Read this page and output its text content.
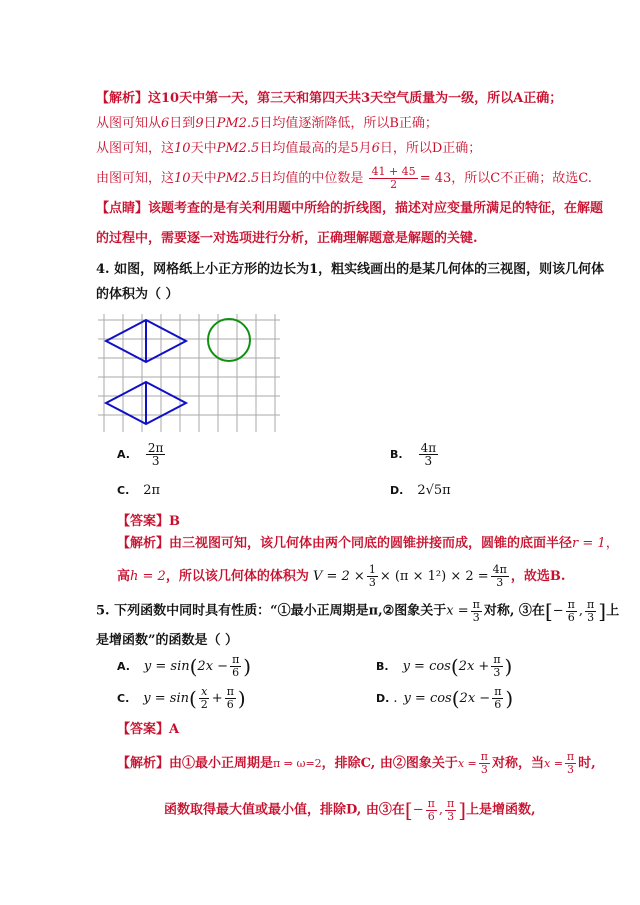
【解析】这10天中第一天，第三天和第四天共3天空气质量为一级，所以A正确；
从图可知从6日到9日PM2.5日均值逐渐降低，所以B正确；
从图可知，这10天中PM2.5日均值最高的是5月6日，所以D正确；
由图可知，这10天中PM2.5日均值的中位数是 $\frac{41 + 45}{2} = 43$，所以C不正确；故选C.
【点睛】该题考查的是有关利用题中所给的折线图，描述对应变量所满足的特征，在解题
的过程中，需要逐一对选项进行分析，正确理解题意是解题的关键.
4. 如图，网格纸上小正方形的边长为1，粗实线画出的是某几何体的三视图，则该几何体
的体积为（ ）
A. $\frac{2\pi}{3}$	B. $\frac{4\pi}{3}$
C. 2π	D. 2√5π
【答案】B
【解析】由三视图可知，该几何体由两个同底的圆锥拼接而成，圆锥的底面半径r = 1，
高h = 2，所以该几何体的体积为 $V = 2 \times \frac{1}{3} \times (\pi \times 1^2) \times 2 = \frac{4\pi}{3}$ ，故选B.
5. 下列函数中同时具有性质：“①最小正周期是π,②图象关于$x = \frac{\pi}{3}$ 对称, ③在[− $\frac{\pi}{6}$ , $\frac{\pi}{3}$ ]上
是增函数”的函数是（ ）
A. $y = \sin(2x - \frac{\pi}{6}$ )	B. $y = \cos(2x + \frac{\pi}{3}$ )
C. $y = \sin( \frac{x}{2} + \frac{\pi}{6}$ )	D. . $y = \cos(2x - \frac{\pi}{6}$ )
【答案】A
【解析】由①最小正周期是π ⇒ ω=2，排除C, 由②图象关于$x = \frac{\pi}{3}$ 对称，当$x = \frac{\pi}{3}$ 时,
函数取得最大值或最小值，排除D, 由③在[− $\frac{\pi}{6}$ , $\frac{\pi}{3}$ ]上是增函数,
